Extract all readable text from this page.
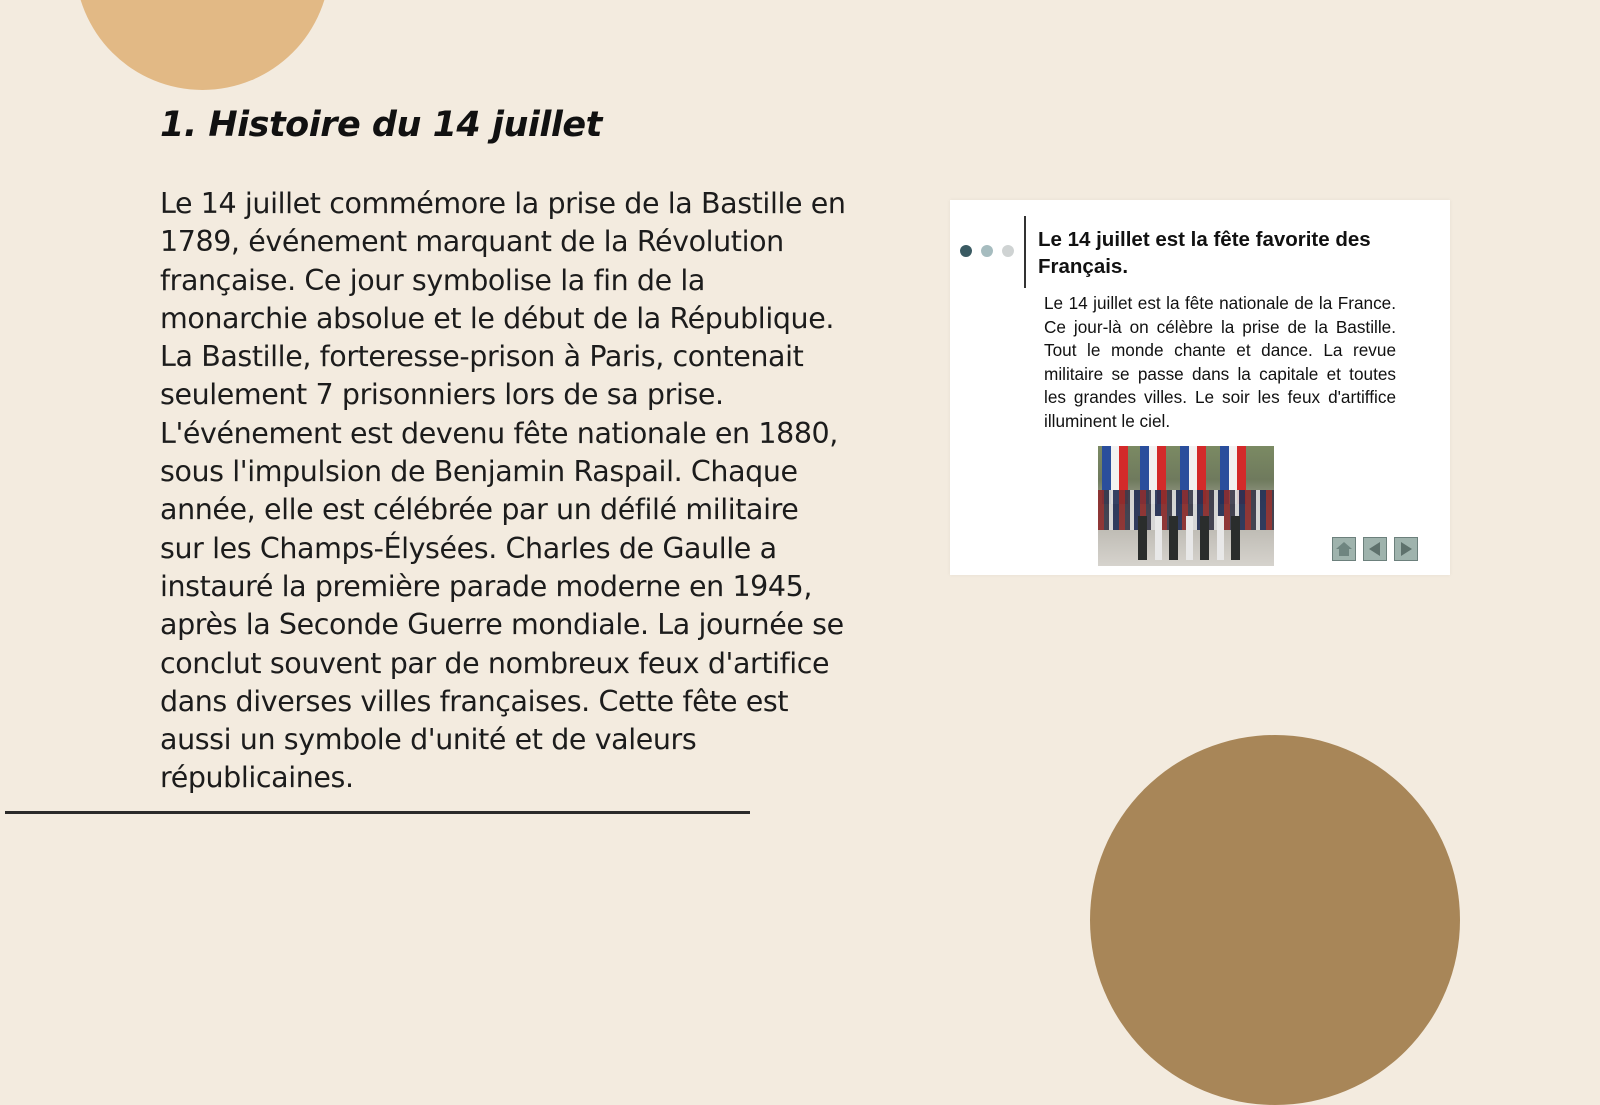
1. Histoire du 14 juillet

Le 14 juillet commémore la prise de la Bastille en 1789, événement marquant de la Révolution française. Ce jour symbolise la fin de la monarchie absolue et le début de la République. La Bastille, forteresse-prison à Paris, contenait seulement 7 prisonniers lors de sa prise. L'événement est devenu fête nationale en 1880, sous l'impulsion de Benjamin Raspail. Chaque année, elle est célébrée par un défilé militaire sur les Champs-Élysées. Charles de Gaulle a instauré la première parade moderne en 1945, après la Seconde Guerre mondiale. La journée se conclut souvent par de nombreux feux d'artifice dans diverses villes françaises. Cette fête est aussi un symbole d'unité et de valeurs républicaines.

Le 14 juillet est la fête favorite des Français.

Le 14 juillet est la fête nationale de la France. Ce jour-là on célèbre la prise de la Bastille. Tout le monde chante et dance. La revue militaire se passe dans la capitale et toutes les grandes villes. Le soir les feux d'artiffice illuminent le ciel.
